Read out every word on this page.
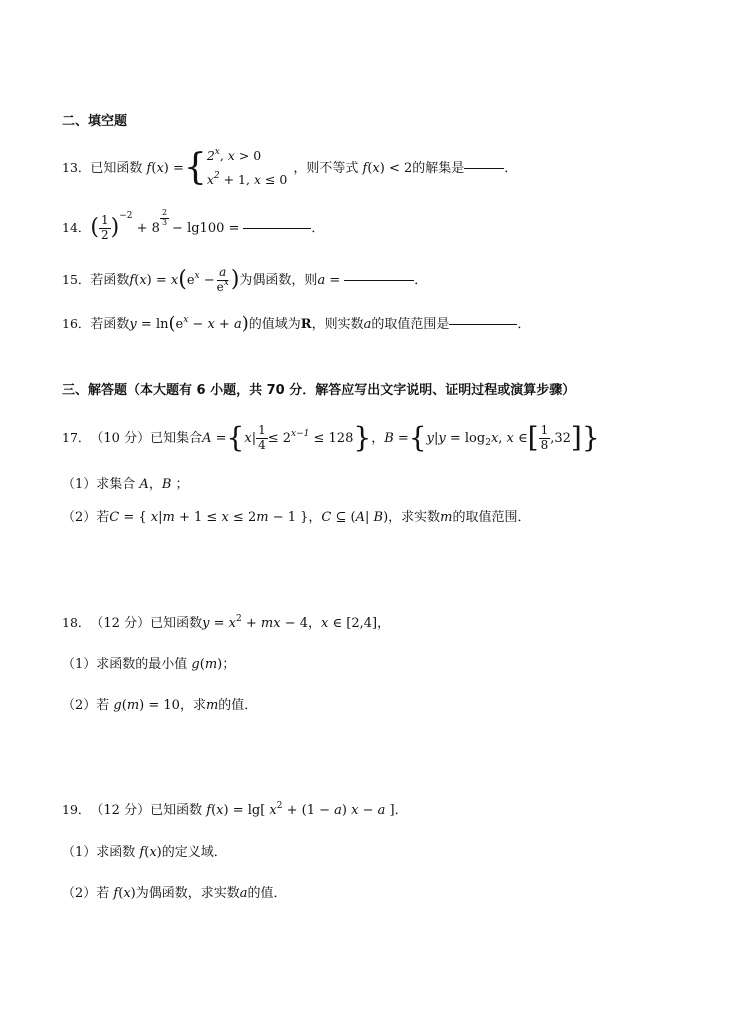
二、填空题
13． 已知函数 f(x) = { 2$^x$, x > 0
$x^2 + 1$, x ≤ 0
，则不等式 f(x) < 2 的解集是	．
14． ( $\frac{1}{2}$ ) −2
+ 8
$\frac{2}{3}$
− lg100 =	．
15． 若函数 f(x) = x ( $e^x - \frac{a}{e^x}$ ) 为偶函数，则 a =	．
16． 若函数 y = ln ( $e^x - x + a$ ) 的值域为 R ，则实数 a 的取值范围是	．
三、解答题（本大题有 6 小题，共 70 分．解答应写出文字说明、证明过程或演算步骤）
17． （10 分） 已知集合 A = { $x| \frac{1}{4} \le 2^{x-1} \le 128$ } ， B = { $y|y = \log_2x$, x ∈ [ $\frac{1}{8} ,32$ ] }
（1）求集合 A，B ；
（2）若 C = { x|m + 1 ≤ x ≤ 2m − 1 } ， C ⊆ (A| B) ，求实数 m 的取值范围．
18． （12 分） 已知函数 $y = x^2$ + mx − 4 ， x ∈ [2,4] ，
（1）求函数的最小值 g(m) ；
（2）若 g(m) = 10 ，求 m 的值．
19． （12 分） 已知函数 f(x) = lg[ $x^2 + (1 - a) x - a$ ] ．
（1）求函数 f(x) 的定义域．
（2）若 f(x) 为偶函数，求实数 a 的值．
